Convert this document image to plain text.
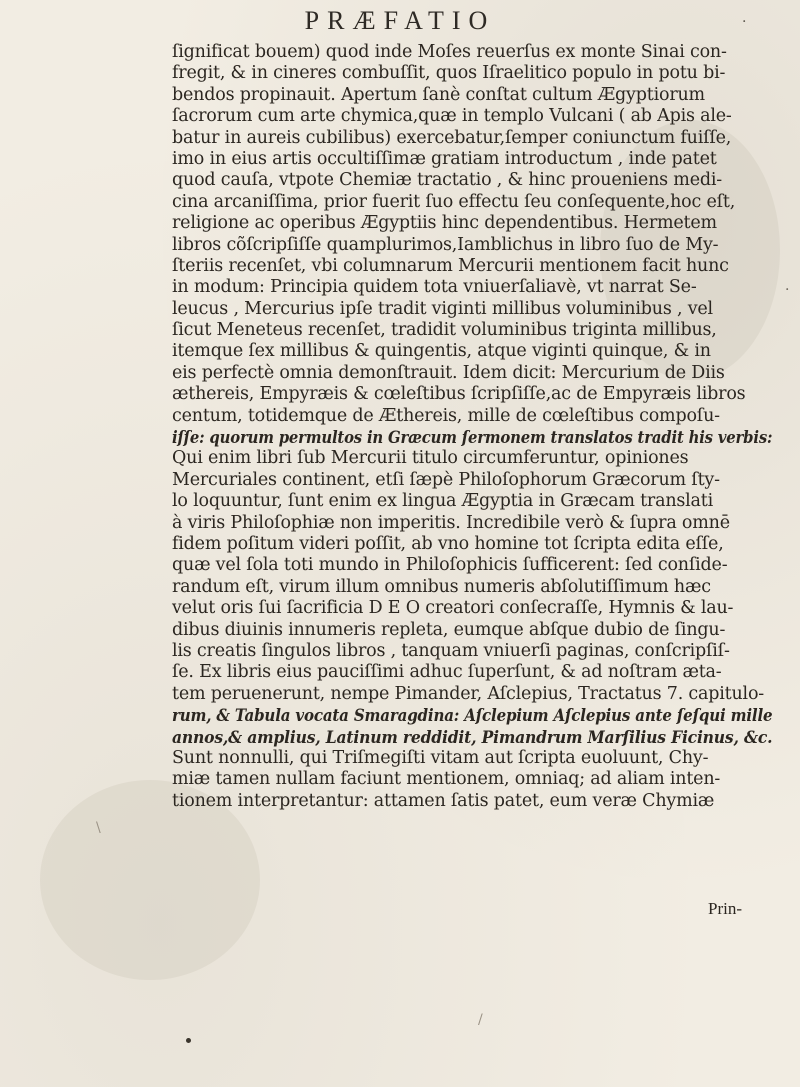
PRÆFATIO	·
ſignificat bouem) quod inde Moſes reuerſus ex monte Sinai con-
fregit, & in cineres combuſſit, quos Iſraelitico populo in potu bi-
bendos propinauit. Apertum ſanè conſtat cultum Ægyptiorum
ſacrorum cum arte chymica,quæ in templo Vulcani ( ab Apis ale-
batur in aureis cubilibus) exercebatur,ſemper coniunctum fuiſſe,
imo in eius artis occultiſſimæ gratiam introductum , inde patet
quod cauſa, vtpote Chemiæ tractatio , & hinc proueniens medi-
cina arcaniſſima, prior fuerit ſuo effectu ſeu conſequente,hoc eſt,
religione ac operibus Ægyptiis hinc dependentibus. Hermetem
libros cõſcripſiſſe quamplurimos,Iamblichus in libro ſuo de My-
ſteriis recenſet, vbi columnarum Mercurii mentionem facit hunc
in modum: Principia quidem tota vniuerſaliavè, vt narrat Se-
leucus , Mercurius ipſe tradit viginti millibus voluminibus , vel
ſicut Meneteus recenſet, tradidit voluminibus triginta millibus,
itemque ſex millibus & quingentis, atque viginti quinque, & in
eis perfectè omnia demonſtrauit. Idem dicit: Mercurium de Diis
æthereis, Empyræis & cœleſtibus ſcripſiſſe,ac de Empyræis libros
centum, totidemque de Æthereis, mille de cœleſtibus compoſu-
iſſe: quorum permultos in Græcum ſermonem translatos tradit his verbis:
Qui enim libri ſub Mercurii titulo circumferuntur, opiniones
Mercuriales continent, etſi ſæpè Philoſophorum Græcorum ſty-
lo loquuntur, ſunt enim ex lingua Ægyptia in Græcam translati
à viris Philoſophiæ non imperitis. Incredibile verò & ſupra omnē
fidem poſitum videri poſſit, ab vno homine tot ſcripta edita eſſe,
quæ vel ſola toti mundo in Philoſophicis ſufficerent: ſed conſide-
randum eſt, virum illum omnibus numeris abſolutiſſimum hæc
velut oris ſui ſacrificia D E O creatori conſecraſſe, Hymnis & lau-
dibus diuinis innumeris repleta, eumque abſque dubio de ſingu-
lis creatis ſingulos libros , tanquam vniuerſi paginas, conſcripſiſ-
ſe. Ex libris eius pauciſſimi adhuc ſuperſunt, & ad noſtram æta-
tem peruenerunt, nempe Pimander, Aſclepius, Tractatus 7. capitulo-
rum, & Tabula vocata Smaragdina: Aſclepium Aſclepius ante ſeſqui mille
annos,& amplius, Latinum reddidit, Pimandrum Marſilius Ficinus, &c.
Sunt nonnulli, qui Triſmegiſti vitam aut ſcripta euoluunt, Chy-
miæ tamen nullam faciunt mentionem, omniaq; ad aliam inten-
tionem interpretantur: attamen ſatis patet, eum veræ Chymiæ
Prin-
·
\
/
